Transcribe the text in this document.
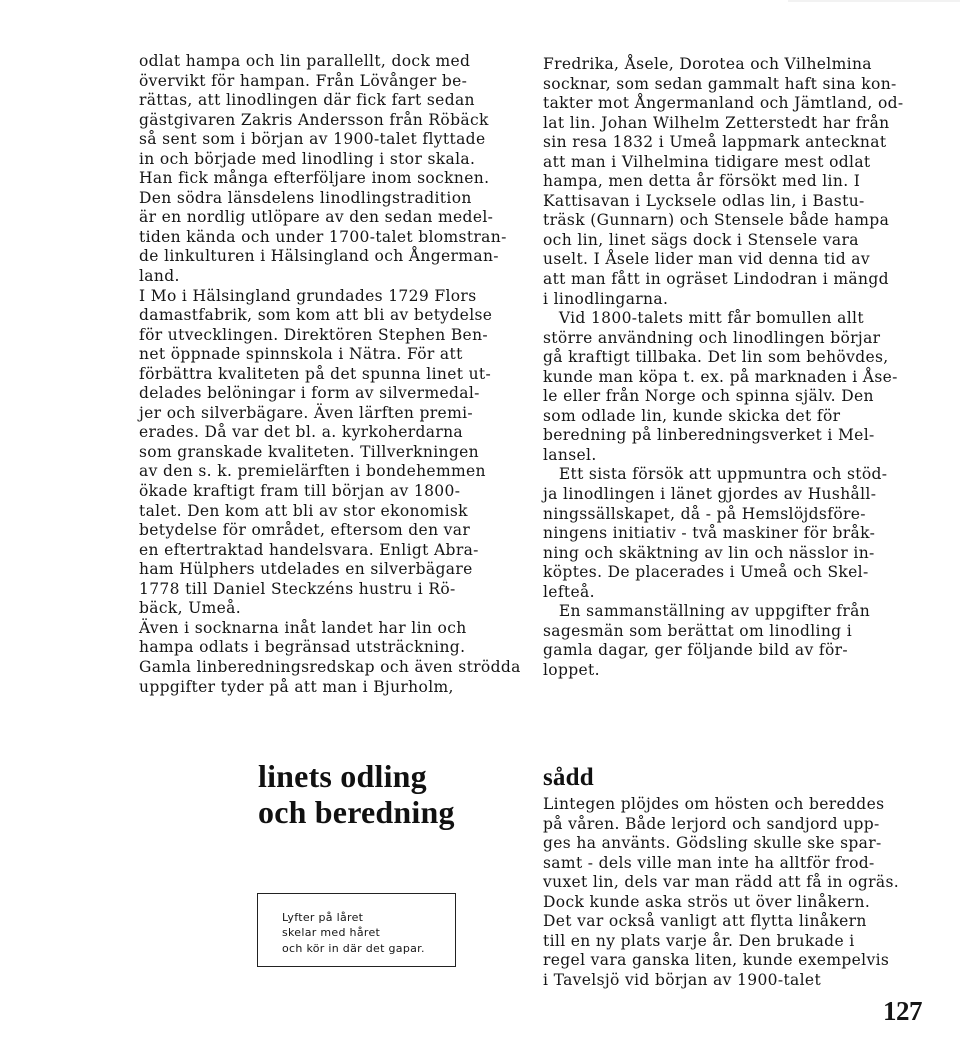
odlat hampa och lin parallellt, dock med
övervikt för hampan. Från Lövånger be-
rättas, att linodlingen där fick fart sedan
gästgivaren Zakris Andersson från Röbäck
så sent som i början av 1900-talet flyttade
in och började med linodling i stor skala.
Han fick många efterföljare inom socknen.
Den södra länsdelens linodlingstradition
är en nordlig utlöpare av den sedan medel-
tiden kända och under 1700-talet blomstran-
de linkulturen i Hälsingland och Ångerman-
land.
I Mo i Hälsingland grundades 1729 Flors
damastfabrik, som kom att bli av betydelse
för utvecklingen. Direktören Stephen Ben-
net öppnade spinnskola i Nätra. För att
förbättra kvaliteten på det spunna linet ut-
delades belöningar i form av silvermedal-
jer och silverbägare. Även lärften premi-
erades. Då var det bl. a. kyrkoherdarna
som granskade kvaliteten. Tillverkningen
av den s. k. premielärften i bondehemmen
ökade kraftigt fram till början av 1800-
talet. Den kom att bli av stor ekonomisk
betydelse för området, eftersom den var
en eftertraktad handelsvara. Enligt Abra-
ham Hülphers utdelades en silverbägare
1778 till Daniel Steckzéns hustru i Rö-
bäck, Umeå.
Även i socknarna inåt landet har lin och
hampa odlats i begränsad utsträckning.
Gamla linberedningsredskap och även strödda
uppgifter tyder på att man i Bjurholm,
Fredrika, Åsele, Dorotea och Vilhelmina
socknar, som sedan gammalt haft sina kon-
takter mot Ångermanland och Jämtland, od-
lat lin. Johan Wilhelm Zetterstedt har från
sin resa 1832 i Umeå lappmark antecknat
att man i Vilhelmina tidigare mest odlat
hampa, men detta år försökt med lin. I
Kattisavan i Lycksele odlas lin, i Bastu-
träsk (Gunnarn) och Stensele både hampa
och lin, linet sägs dock i Stensele vara
uselt. I Åsele lider man vid denna tid av
att man fått in ogräset Lindodran i mängd
i linodlingarna.
Vid 1800-talets mitt får bomullen allt
större användning och linodlingen börjar
gå kraftigt tillbaka. Det lin som behövdes,
kunde man köpa t. ex. på marknaden i Åse-
le eller från Norge och spinna själv. Den
som odlade lin, kunde skicka det för
beredning på linberedningsverket i Mel-
lansel.
Ett sista försök att uppmuntra och stöd-
ja linodlingen i länet gjordes av Hushåll-
ningssällskapet, då - på Hemslöjdsföre-
ningens initiativ - två maskiner för bråk-
ning och skäktning av lin och nässlor in-
köptes. De placerades i Umeå och Skel-
lefteå.
En sammanställning av uppgifter från
sagesmän som berättat om linodling i
gamla dagar, ger följande bild av för-
loppet.
linets odling
och beredning
Lyfter på låret
skelar med håret
och kör in där det gapar.
sådd
Lintegen plöjdes om hösten och bereddes
på våren. Både lerjord och sandjord upp-
ges ha använts. Gödsling skulle ske spar-
samt - dels ville man inte ha alltför frod-
vuxet lin, dels var man rädd att få in ogräs.
Dock kunde aska strös ut över linåkern.
Det var också vanligt att flytta linåkern
till en ny plats varje år. Den brukade i
regel vara ganska liten, kunde exempelvis
i Tavelsjö vid början av 1900-talet
127
